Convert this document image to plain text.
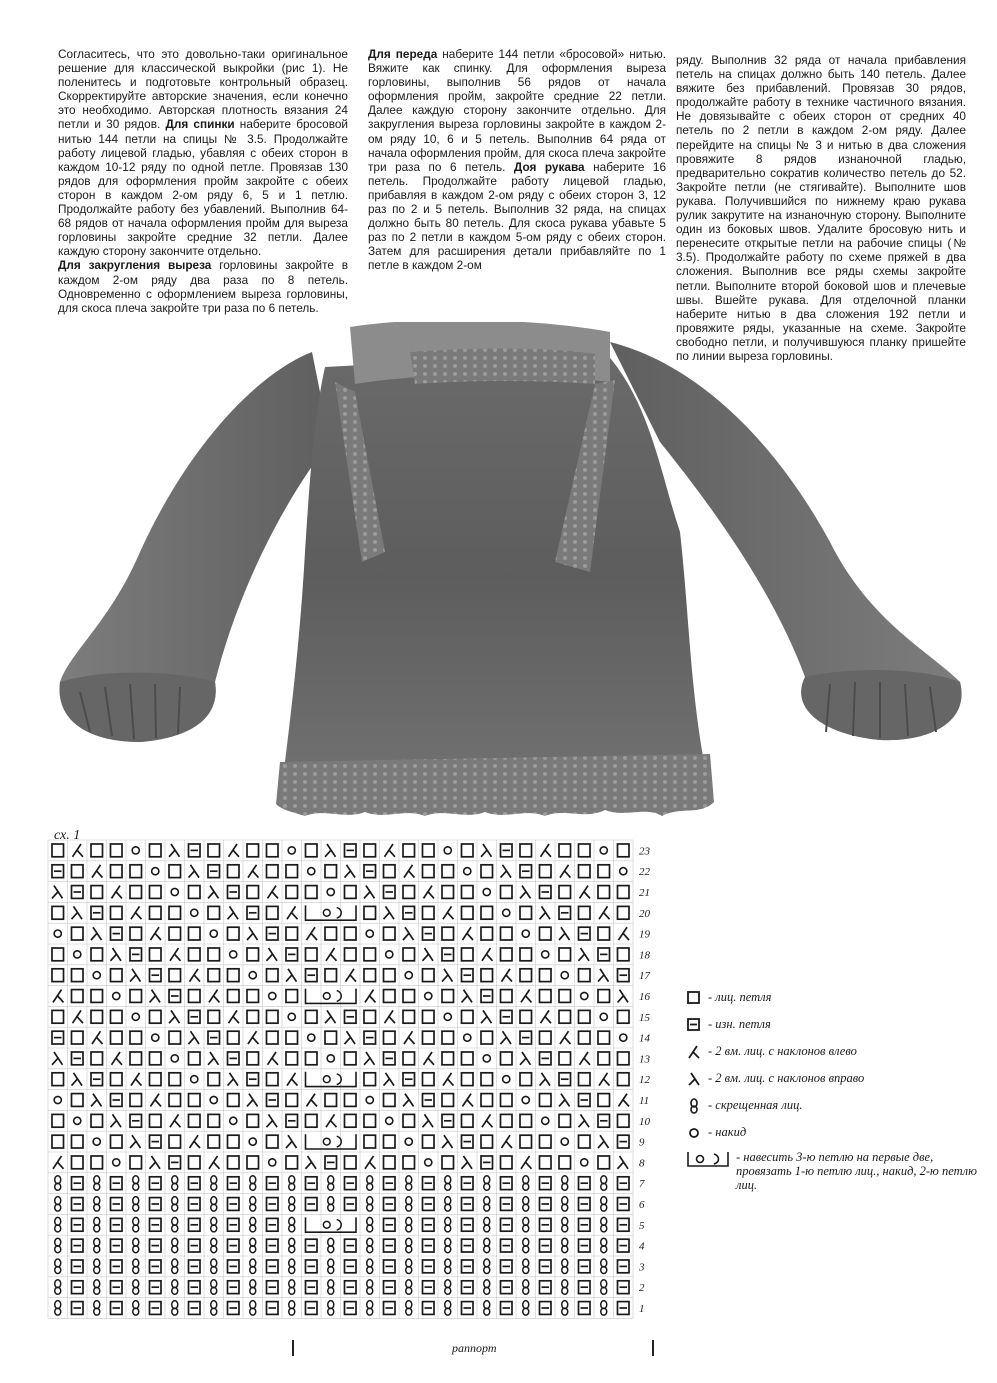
Согласитесь, что это довольно-таки оригинальное решение для классической выкройки (рис 1). Не поленитесь и подготовьте контрольный образец. Скорректируйте авторские значения, если конечно это необходимо. Авторская плотность вязания 24 петли и 30 рядов. Для спинки наберите бросовой нитью 144 петли на спицы № 3.5. Продолжайте работу лицевой гладью, убавляя с обеих сторон в каждом 10-12 ряду по одной петле. Провязав 130 рядов для оформления пройм закройте с обеих сторон в каждом 2-ом ряду 6, 5 и 1 петлю. Продолжайте работу без убавлений. Выполнив 64-68 рядов от начала оформления пройм для выреза горловины закройте средние 32 петли. Далее каждую сторону закончите отдельно.

Для закругления выреза горловины закройте в каждом 2-ом ряду два раза по 8 петель. Одновременно с оформлением выреза горловины, для скоса плеча закройте три раза по 6 петель.

Для переда наберите 144 петли «бросовой» нитью. Вяжите как спинку. Для оформления выреза горловины, выполнив 56 рядов от начала оформления пройм, закройте средние 22 петли. Далее каждую сторону закончите отдельно. Для закругления выреза горловины закройте в каждом 2-ом ряду 10, 6 и 5 петель. Выполнив 64 ряда от начала оформления пройм, для скоса плеча закройте три раза по 6 петель. Доя рукава наберите 16 петель. Продолжайте работу лицевой гладью, прибавляя в каждом 2-ом ряду с обеих сторон 3, 12 раз по 2 и 5 петель. Выполнив 32 ряда, на спицах должно быть 80 петель. Для скоса рукава убавьте 5 раз по 2 петли в каждом 5-ом ряду с обеих сторон. Затем для расширения детали прибавляйте по 1 петле в каждом 2-ом

ряду. Выполнив 32 ряда от начала прибавления петель на спицах должно быть 140 петель. Далее вяжите без прибавлений. Провязав 30 рядов, продолжайте работу в технике частичного вязания. Не довязывайте с обеих сторон от средних 40 петель по 2 петли в каждом 2-ом ряду. Далее перейдите на спицы № 3 и нитью в два сложения провяжите 8 рядов изнаночной гладью, предварительно сократив количество петель до 52. Закройте петли (не стягивайте). Выполните шов рукава. Получившийся по нижнему краю рукава рулик закрутите на изнаночную сторону. Выполните один из боковых швов. Удалите бросовую нить и перенесите открытые петли на рабочие спицы (№ 3.5). Продолжайте работу по схеме пряжей в два сложения. Выполнив все ряды схемы закройте петли. Выполните второй боковой шов и плечевые швы. Вшейте рукава. Для отделочной планки наберите нитью в два сложения 192 петли и провяжите ряды, указанные на схеме. Закройте свободно петли, и получившуюся планку пришейте по линии выреза горловины.

сх. 1
23
22
21
20
19
18
17
16
15
14
13
12
11
10
9
8
7
6
5
4
3
2
1
раппорт
- лиц. петля
- изн. петля
- 2 вм. лиц. с наклонов влево
- 2 вм. лиц. с наклонов вправо
- скрещенная лиц.
- накид
- навесить 3-ю петлю на первые две, провязать 1-ю петлю лиц., накид, 2-ю петлю лиц.
